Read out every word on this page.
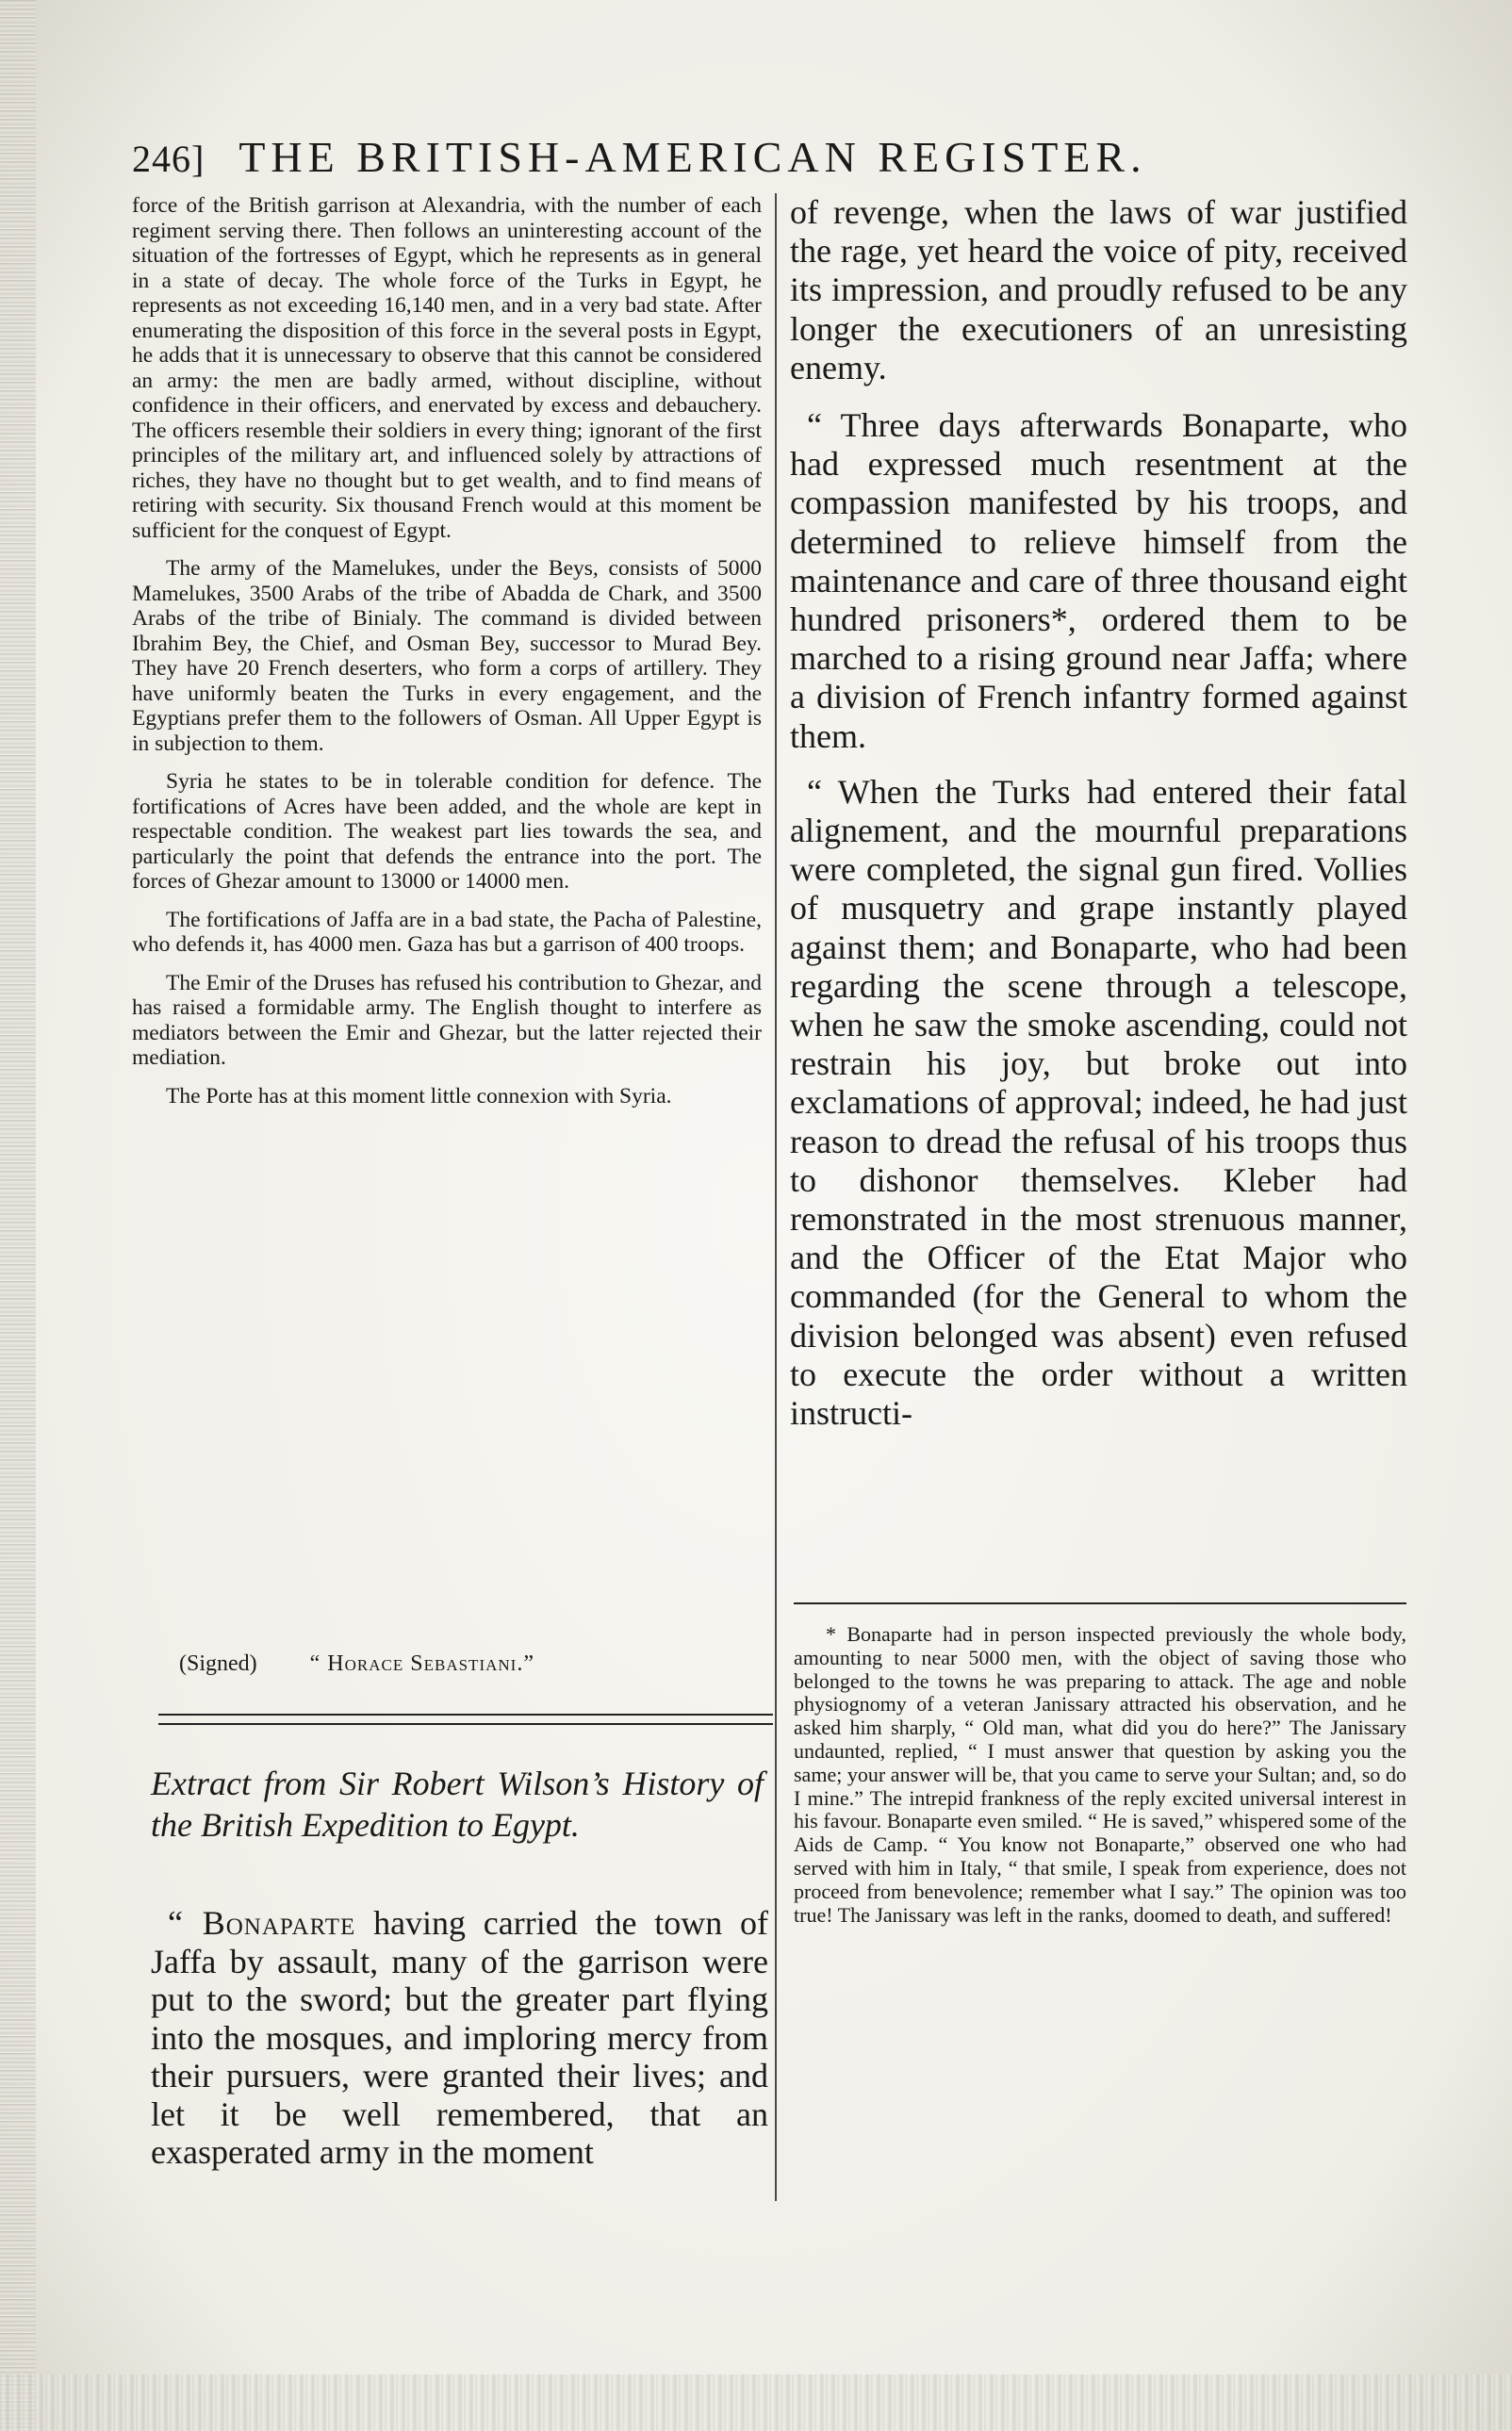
246] THE BRITISH-AMERICAN REGISTER.

force of the British garrison at Alexandria, with the number of each regiment serving there. Then follows an uninteresting account of the situation of the fortresses of Egypt, which he represents as in general in a state of decay. The whole force of the Turks in Egypt, he represents as not exceeding 16,140 men, and in a very bad state. After enumerating the disposition of this force in the several posts in Egypt, he adds that it is unnecessary to observe that this cannot be considered an army: the men are badly armed, without discipline, without confidence in their officers, and enervated by excess and debauchery. The officers resemble their soldiers in every thing; ignorant of the first principles of the military art, and influenced solely by attractions of riches, they have no thought but to get wealth, and to find means of retiring with security. Six thousand French would at this moment be sufficient for the conquest of Egypt.

The army of the Mamelukes, under the Beys, consists of 5000 Mamelukes, 3500 Arabs of the tribe of Abadda de Chark, and 3500 Arabs of the tribe of Binialy. The command is divided between Ibrahim Bey, the Chief, and Osman Bey, successor to Murad Bey. They have 20 French deserters, who form a corps of artillery. They have uniformly beaten the Turks in every engagement, and the Egyptians prefer them to the followers of Osman. All Upper Egypt is in subjection to them.

Syria he states to be in tolerable condition for defence. The fortifications of Acres have been added, and the whole are kept in respectable condition. The weakest part lies towards the sea, and particularly the point that defends the entrance into the port. The forces of Ghezar amount to 13000 or 14000 men.

The fortifications of Jaffa are in a bad state, the Pacha of Palestine, who defends it, has 4000 men. Gaza has but a garrison of 400 troops.

The Emir of the Druses has refused his contribution to Ghezar, and has raised a formidable army. The English thought to interfere as mediators between the Emir and Ghezar, but the latter rejected their mediation.

The Porte has at this moment little connexion with Syria.

(Signed) “ Horace Sebastiani.”
Extract from Sir Robert Wilson’s History of the British Expedition to Egypt.

“ Bonaparte having carried the town of Jaffa by assault, many of the garrison were put to the sword; but the greater part flying into the mosques, and imploring mercy from their pursuers, were granted their lives; and let it be well remembered, that an exasperated army in the moment

of revenge, when the laws of war justified the rage, yet heard the voice of pity, received its impression, and proudly refused to be any longer the executioners of an unresisting enemy.

“ Three days afterwards Bonaparte, who had expressed much resentment at the compassion manifested by his troops, and determined to relieve himself from the maintenance and care of three thousand eight hundred prisoners*, ordered them to be marched to a rising ground near Jaffa; where a division of French infantry formed against them.

“ When the Turks had entered their fatal alignement, and the mournful preparations were completed, the signal gun fired. Vollies of musquetry and grape instantly played against them; and Bonaparte, who had been regarding the scene through a telescope, when he saw the smoke ascending, could not restrain his joy, but broke out into exclamations of approval; indeed, he had just reason to dread the refusal of his troops thus to dishonor themselves. Kleber had remonstrated in the most strenuous manner, and the Officer of the Etat Major who commanded (for the General to whom the division belonged was absent) even refused to execute the order without a written instructi-

* Bonaparte had in person inspected previously the whole body, amounting to near 5000 men, with the object of saving those who belonged to the towns he was preparing to attack. The age and noble physiognomy of a veteran Janissary attracted his observation, and he asked him sharply, “ Old man, what did you do here?” The Janissary undaunted, replied, “ I must answer that question by asking you the same; your answer will be, that you came to serve your Sultan; and, so do I mine.” The intrepid frankness of the reply excited universal interest in his favour. Bonaparte even smiled. “ He is saved,” whispered some of the Aids de Camp. “ You know not Bonaparte,” observed one who had served with him in Italy, “ that smile, I speak from experience, does not proceed from benevolence; remember what I say.” The opinion was too true! The Janissary was left in the ranks, doomed to death, and suffered!
